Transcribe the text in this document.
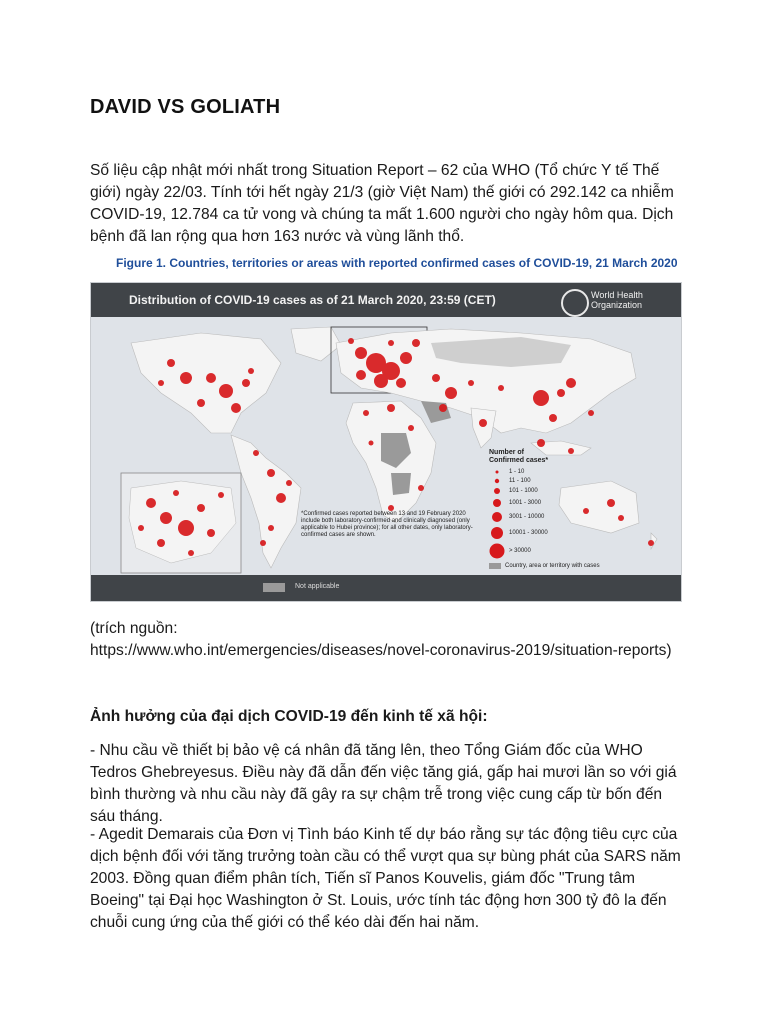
DAVID VS GOLIATH

Số liệu cập nhật mới nhất trong Situation Report – 62 của WHO (Tổ chức Y tế Thế giới) ngày 22/03. Tính tới hết ngày 21/3 (giờ Việt Nam) thế giới có 292.142 ca nhiễm COVID-19, 12.784 ca tử vong và chúng ta mất 1.600 người cho ngày hôm qua. Dịch bệnh đã lan rộng qua hơn 163 nước và vùng lãnh thổ.

Figure 1. Countries, territories or areas with reported confirmed cases of COVID-19, 21 March 2020
Distribution of COVID-19 cases as of 21 March 2020, 23:59 (CET)	World Health Organization
Number of Confirmed cases*
1 - 10
11 - 100
101 - 1000
1001 - 3000
3001 - 10000
10001 - 30000
> 30000
Country, area or territory with cases
*Confirmed cases reported between 13 and 19 February 2020 include both laboratory-confirmed and clinically diagnosed (only applicable to Hubei province); for all other dates, only laboratory-confirmed cases are shown.
Not applicable

(trích nguồn:

https://www.who.int/emergencies/diseases/novel-coronavirus-2019/situation-reports)

Ảnh hưởng của đại dịch COVID-19 đến kinh tế xã hội:

- Nhu cầu về thiết bị bảo vệ cá nhân đã tăng lên, theo Tổng Giám đốc của WHO Tedros Ghebreyesus. Điều này đã dẫn đến việc tăng giá, gấp hai mươi lần so với giá bình thường và nhu cầu này đã gây ra sự chậm trễ trong việc cung cấp từ bốn đến sáu tháng.

- Agedit Demarais của Đơn vị Tình báo Kinh tế dự báo rằng sự tác động tiêu cực của dịch bệnh đối với tăng trưởng toàn cầu có thể vượt qua sự bùng phát của SARS năm 2003. Đồng quan điểm phân tích, Tiến sĩ Panos Kouvelis, giám đốc "Trung tâm Boeing" tại Đại học Washington ở St. Louis, ước tính tác động hơn 300 tỷ đô la đến chuỗi cung ứng của thế giới có thể kéo dài đến hai năm.
